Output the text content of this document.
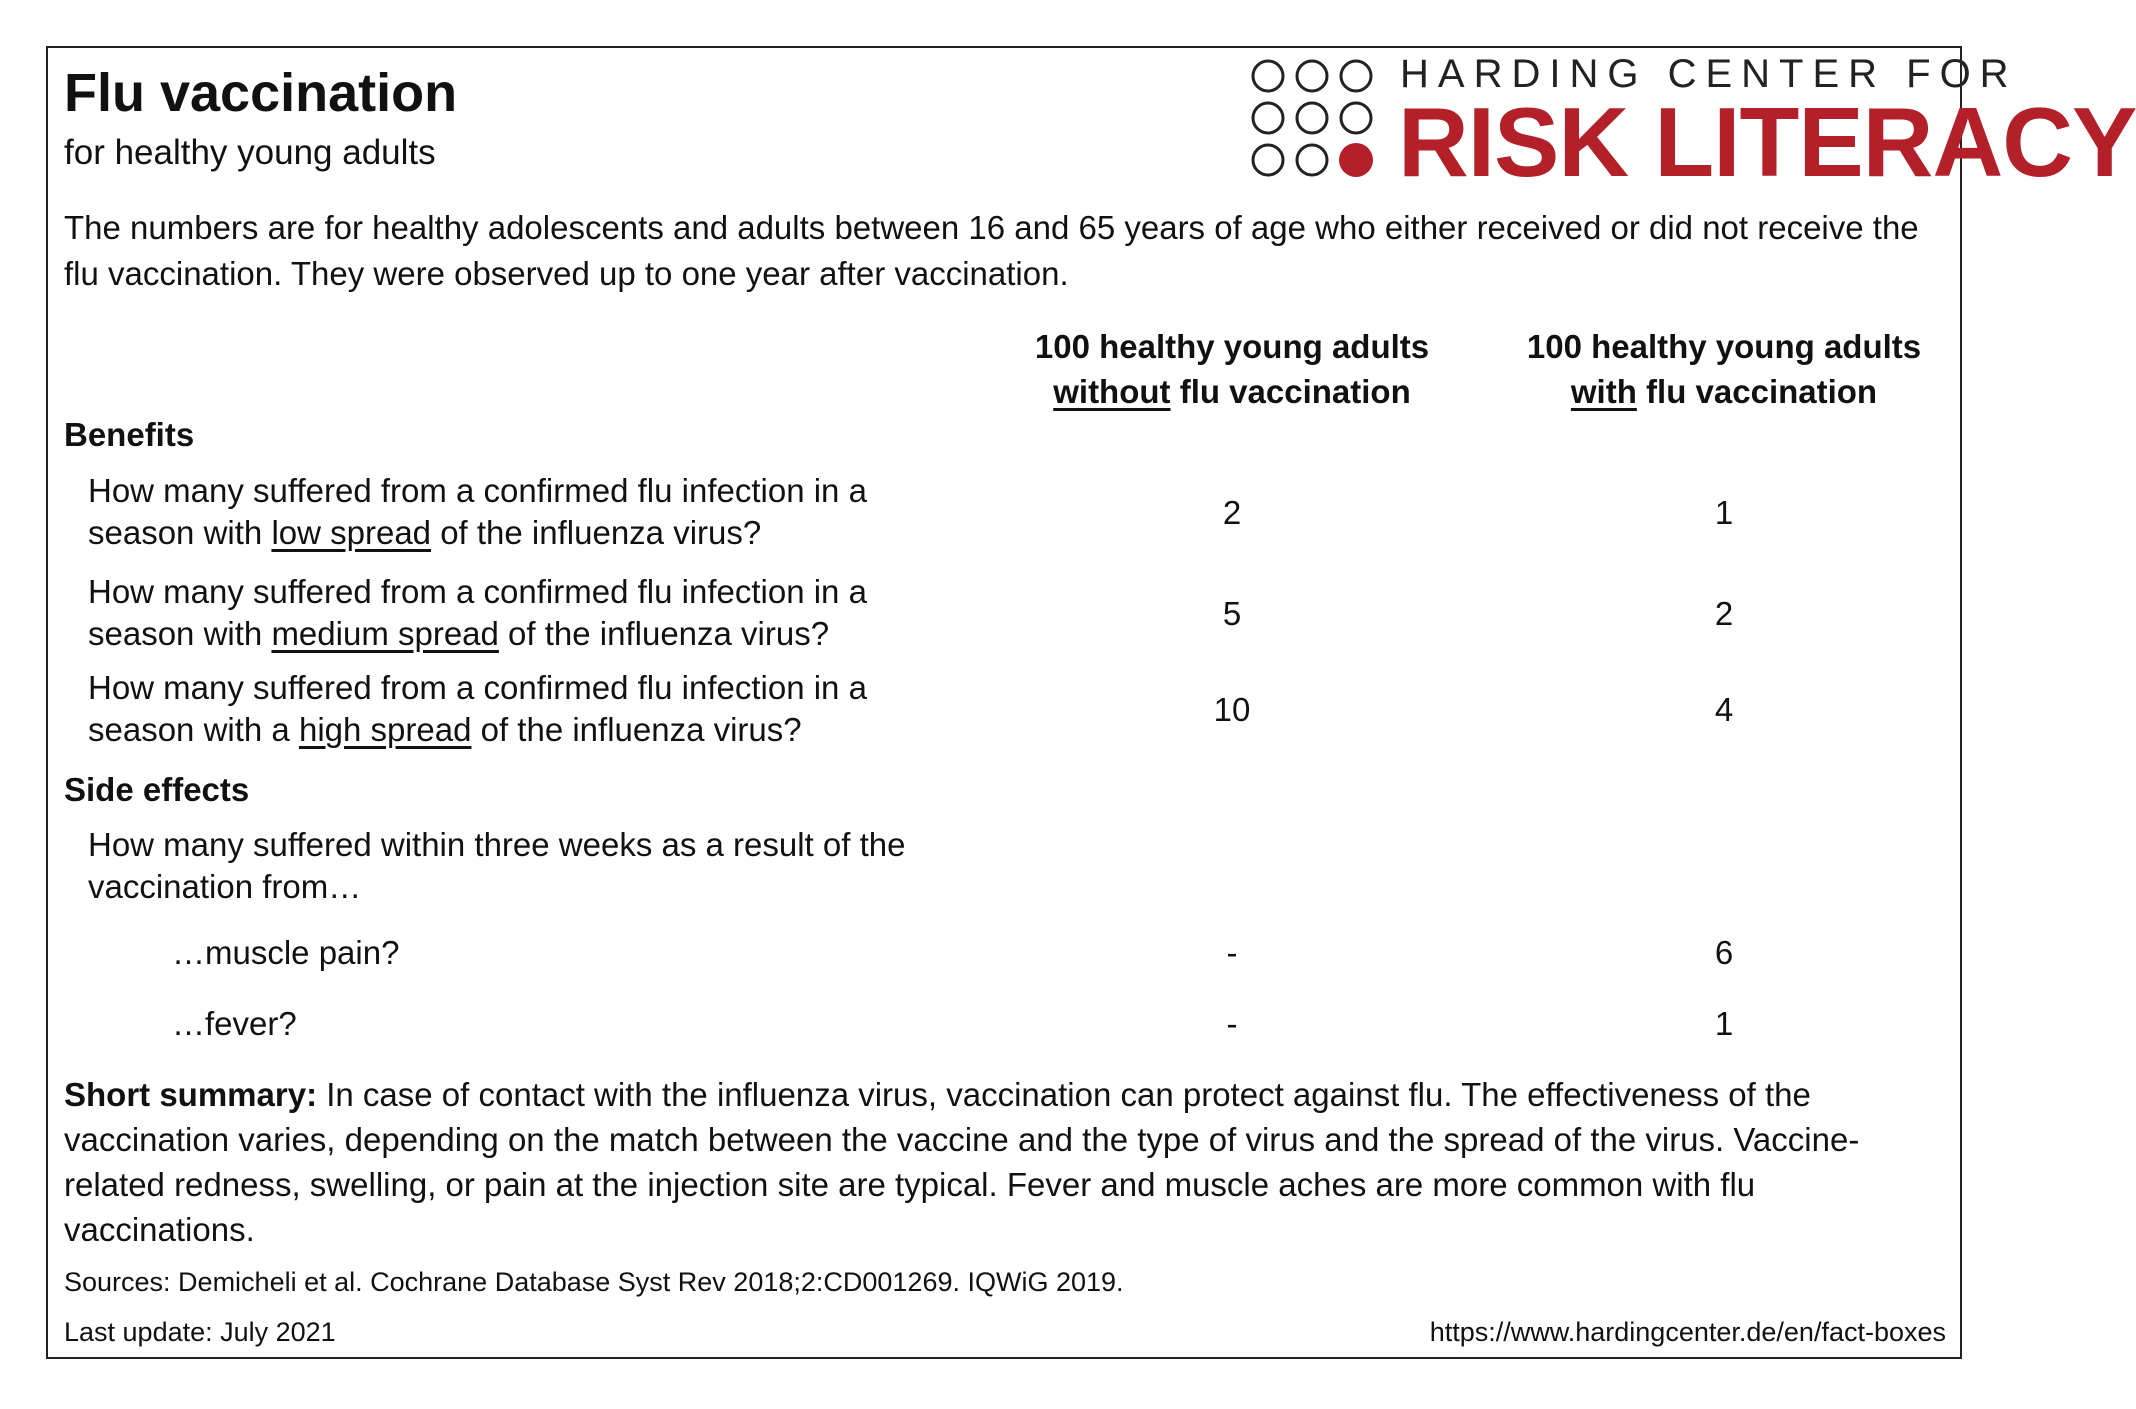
Flu vaccination
for healthy young adults
HARDING CENTER FOR
RISK LITERACY
The numbers are for healthy adolescents and adults between 16 and 65 years of age who either received or did not receive the flu vaccination. They were observed up to one year after vaccination.
100 healthy young adults
without flu vaccination
100 healthy young adults
with flu vaccination
Benefits
How many suffered from a confirmed flu infection in a
season with low spread of the influenza virus?
2	1
How many suffered from a confirmed flu infection in a
season with medium spread of the influenza virus?
5	2
How many suffered from a confirmed flu infection in a
season with a high spread of the influenza virus?
10	4
Side effects
How many suffered within three weeks as a result of the
vaccination from…
…muscle pain?	-	6
…fever?	-	1
Short summary: In case of contact with the influenza virus, vaccination can protect against flu. The effectiveness of the vaccination varies, depending on the match between the vaccine and the type of virus and the spread of the virus. Vaccine-related redness, swelling, or pain at the injection site are typical. Fever and muscle aches are more common with flu vaccinations.
Sources: Demicheli et al. Cochrane Database Syst Rev 2018;2:CD001269. IQWiG 2019.
Last update: July 2021	https://www.hardingcenter.de/en/fact-boxes
